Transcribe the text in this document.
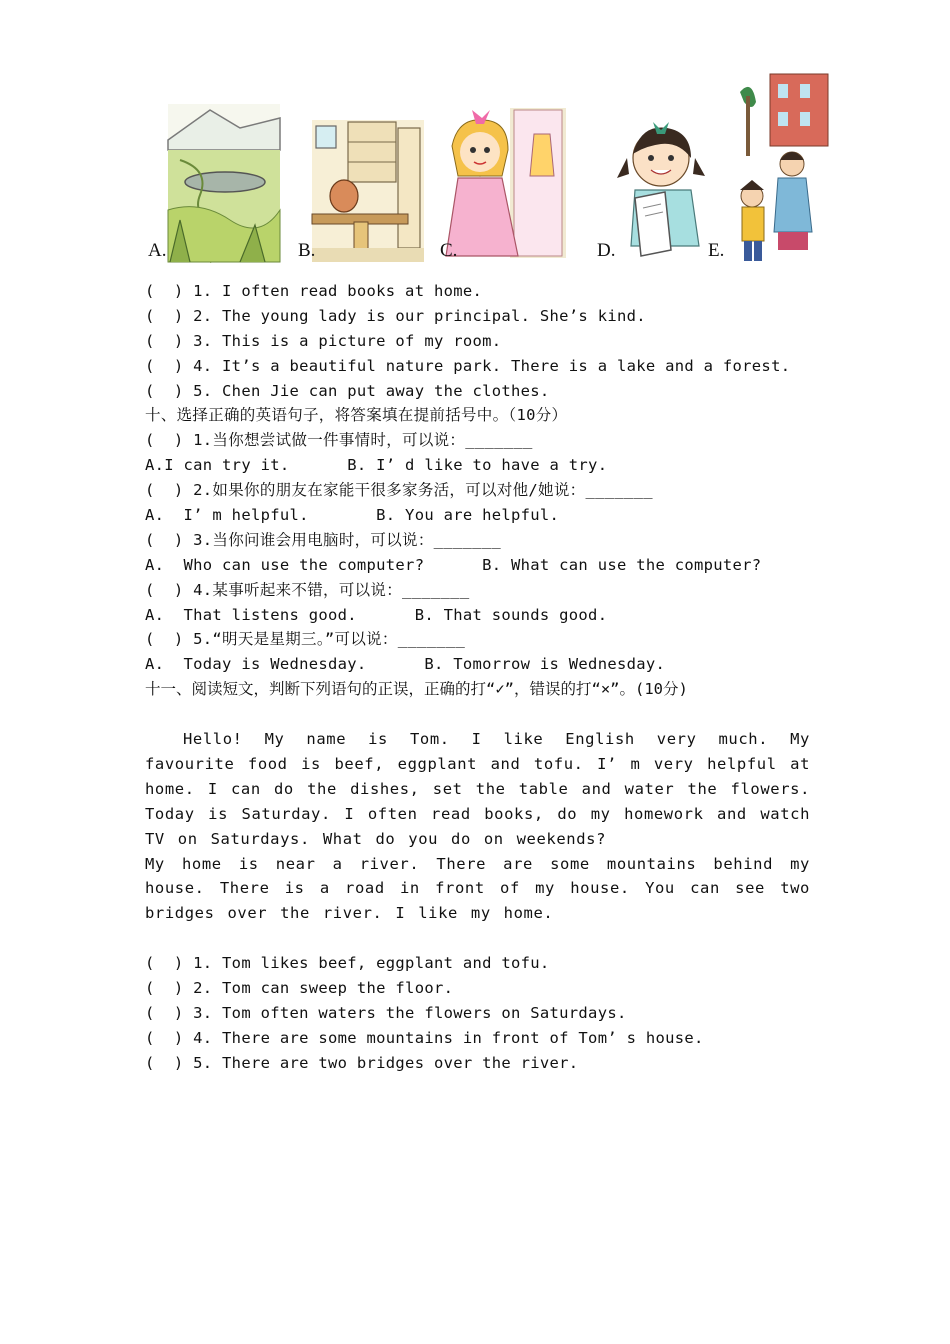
A.	B.	C.	D.	E.
(  ) 1. I often read books at home.
(  ) 2. The young lady is our principal. She’s kind.
(  ) 3. This is a picture of my room.
(  ) 4. It’s a beautiful nature park. There is a lake and a forest.
(  ) 5. Chen Jie can put away the clothes.
十、选择正确的英语句子，将答案填在提前括号中。（10分）
(  ) 1.当你想尝试做一件事情时，可以说：_______
A.I can try it.      B. I’ d like to have a try.
(  ) 2.如果你的朋友在家能干很多家务活，可以对他/她说：_______
A.  I’ m helpful.       B. You are helpful.
(  ) 3.当你问谁会用电脑时，可以说：_______
A.  Who can use the computer?      B. What can use the computer?
(  ) 4.某事听起来不错，可以说：_______
A.  That listens good.      B. That sounds good.
(  ) 5.“明天是星期三。”可以说：_______
A.  Today is Wednesday.      B. Tomorrow is Wednesday.
十一、阅读短文，判断下列语句的正误，正确的打“✓”，错误的打“×”。(10分)

Hello! My name is Tom. I like English very much. My favourite food is beef, eggplant and tofu. I’ m very helpful at home. I can do the dishes, set the table and water the flowers. Today is Saturday. I often read books, do my homework and watch TV on Saturdays. What do you do on weekends?

My home is near a river. There are some mountains behind my house. There is a road in front of my house. You can see two bridges over the river. I like my home.

(  ) 1. Tom likes beef, eggplant and tofu.
(  ) 2. Tom can sweep the floor.
(  ) 3. Tom often waters the flowers on Saturdays.
(  ) 4. There are some mountains in front of Tom’ s house.
(  ) 5. There are two bridges over the river.
